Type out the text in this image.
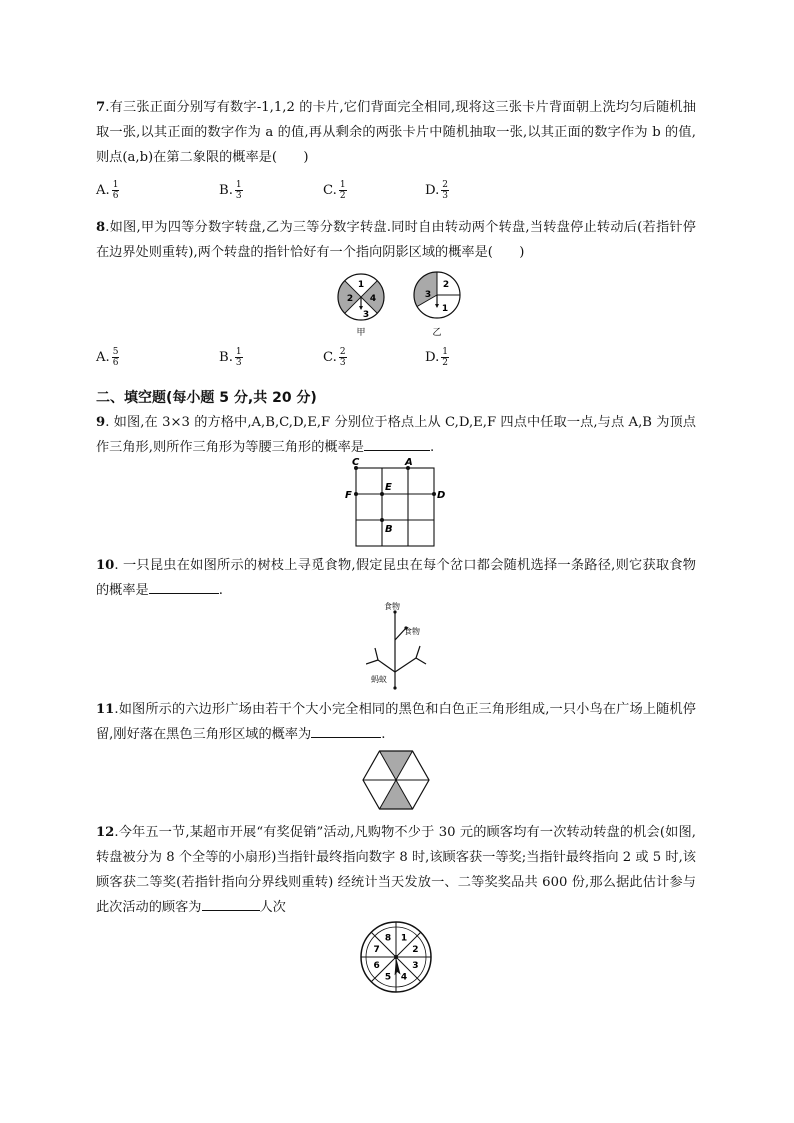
7.有三张正面分别写有数字-1,1,2 的卡片,它们背面完全相同,现将这三张卡片背面朝上洗均匀后随机抽取一张,以其正面的数字作为 a 的值,再从剩余的两张卡片中随机抽取一张,以其正面的数字作为 b 的值,则点(a,b)在第二象限的概率是(　　)

A. $\frac{1}{6}$	B. $\frac{1}{3}$	C. $\frac{1}{2}$	D. $\frac{2}{3}$

8.如图,甲为四等分数字转盘,乙为三等分数字转盘.同时自由转动两个转盘,当转盘停止转动后(若指针停在边界处则重转),两个转盘的指针恰好有一个指向阴影区域的概率是(　　)

1
2
3
4
甲
1
2
3
乙
A. $\frac{5}{6}$	B. $\frac{1}{3}$	C. $\frac{2}{3}$	D. $\frac{1}{2}$
二、填空题(每小题 5 分,共 20 分)

9. 如图,在 3×3 的方格中,A,B,C,D,E,F 分别位于格点上从 C,D,E,F 四点中任取一点,与点 A,B 为顶点作三角形,则所作三角形为等腰三角形的概率是	.

C	A
E
F	D
B

10. 一只昆虫在如图所示的树枝上寻觅食物,假定昆虫在每个岔口都会随机选择一条路径,则它获取食物的概率是	.

食物
食物
蚂蚁

11.如图所示的六边形广场由若干个大小完全相同的黑色和白色正三角形组成,一只小鸟在广场上随机停留,刚好落在黑色三角形区域的概率为	.

12.今年五一节,某超市开展“有奖促销”活动,凡购物不少于 30 元的顾客均有一次转动转盘的机会(如图,转盘被分为 8 个全等的小扇形)当指针最终指向数字 8 时,该顾客获一等奖;当指针最终指向 2 或 5 时,该顾客获二等奖(若指针指向分界线则重转) 经统计当天发放一、二等奖奖品共 600 份,那么据此估计参与此次活动的顾客为	人次

1
2
3
4
5
6
7
8
